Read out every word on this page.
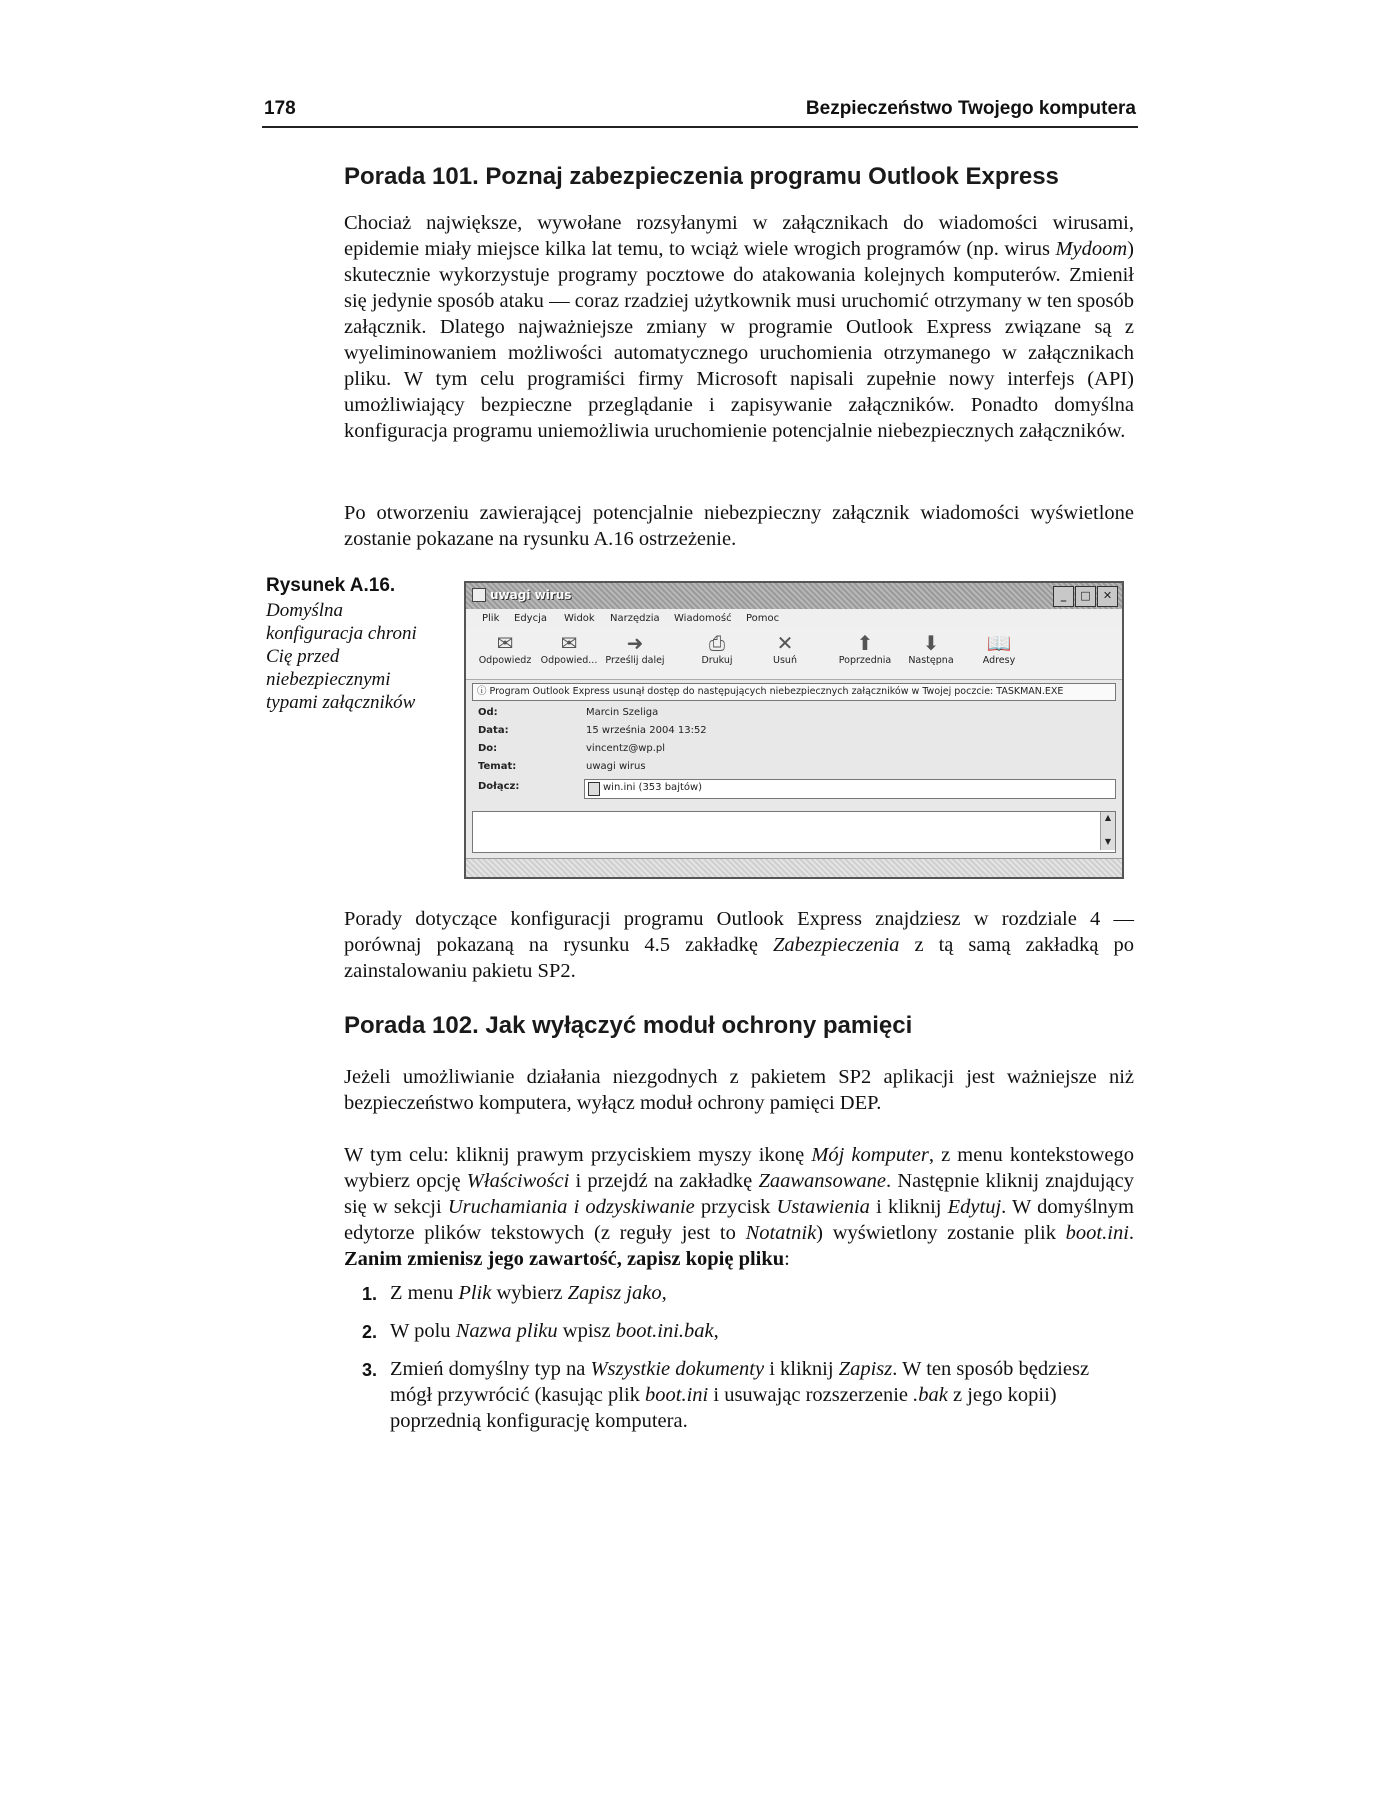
178	Bezpieczeństwo Twojego komputera
Porada 101. Poznaj zabezpieczenia programu Outlook Express

Chociaż największe, wywołane rozsyłanymi w załącznikach do wiadomości wirusami, epidemie miały miejsce kilka lat temu, to wciąż wiele wrogich programów (np. wirus Mydoom) skutecznie wykorzystuje programy pocztowe do atakowania kolejnych komputerów. Zmienił się jedynie sposób ataku — coraz rzadziej użytkownik musi uruchomić otrzymany w ten sposób załącznik. Dlatego najważniejsze zmiany w programie Outlook Express związane są z wyeliminowaniem możliwości automatycznego uruchomienia otrzymanego w załącznikach pliku. W tym celu programiści firmy Microsoft napisali zupełnie nowy interfejs (API) umożliwiający bezpieczne przeglądanie i zapisywanie załączników. Ponadto domyślna konfiguracja programu uniemożliwia uruchomienie potencjalnie niebezpiecznych załączników.

Po otworzeniu zawierającej potencjalnie niebezpieczny załącznik wiadomości wyświetlone zostanie pokazane na rysunku A.16 ostrzeżenie.

Rysunek A.16.
Domyślna konfiguracja chroni Cię przed niebezpiecznymi typami załączników
uwagi wirus	_	□	✕
Plik Edycja Widok Narzędzia Wiadomość Pomoc
✉
Odpowiedz
✉
Odpowied...
➜
Prześlij dalej
⎙
Drukuj
✕
Usuń
⬆
Poprzednia
⬇
Następna
📖
Adresy
ⓘ Program Outlook Express usunął dostęp do następujących niebezpiecznych załączników w Twojej poczcie: TASKMAN.EXE
Od:	Marcin Szeliga
Data:	15 września 2004 13:52
Do:	vincentz@wp.pl
Temat:	uwagi wirus
Dołącz:	win.ini (353 bajtów)
▲

▼

Porady dotyczące konfiguracji programu Outlook Express znajdziesz w rozdziale 4 — porównaj pokazaną na rysunku 4.5 zakładkę Zabezpieczenia z tą samą zakładką po zainstalowaniu pakietu SP2.

Porada 102. Jak wyłączyć moduł ochrony pamięci

Jeżeli umożliwianie działania niezgodnych z pakietem SP2 aplikacji jest ważniejsze niż bezpieczeństwo komputera, wyłącz moduł ochrony pamięci DEP.

W tym celu: kliknij prawym przyciskiem myszy ikonę Mój komputer, z menu kontekstowego wybierz opcję Właściwości i przejdź na zakładkę Zaawansowane. Następnie kliknij znajdujący się w sekcji Uruchamiania i odzyskiwanie przycisk Ustawienia i kliknij Edytuj. W domyślnym edytorze plików tekstowych (z reguły jest to Notatnik) wyświetlony zostanie plik boot.ini. Zanim zmienisz jego zawartość, zapisz kopię pliku:

1. Z menu Plik wybierz Zapisz jako,
2. W polu Nazwa pliku wpisz boot.ini.bak,
3. Zmień domyślny typ na Wszystkie dokumenty i kliknij Zapisz. W ten sposób będziesz mógł przywrócić (kasując plik boot.ini i usuwając rozszerzenie .bak z jego kopii) poprzednią konfigurację komputera.
